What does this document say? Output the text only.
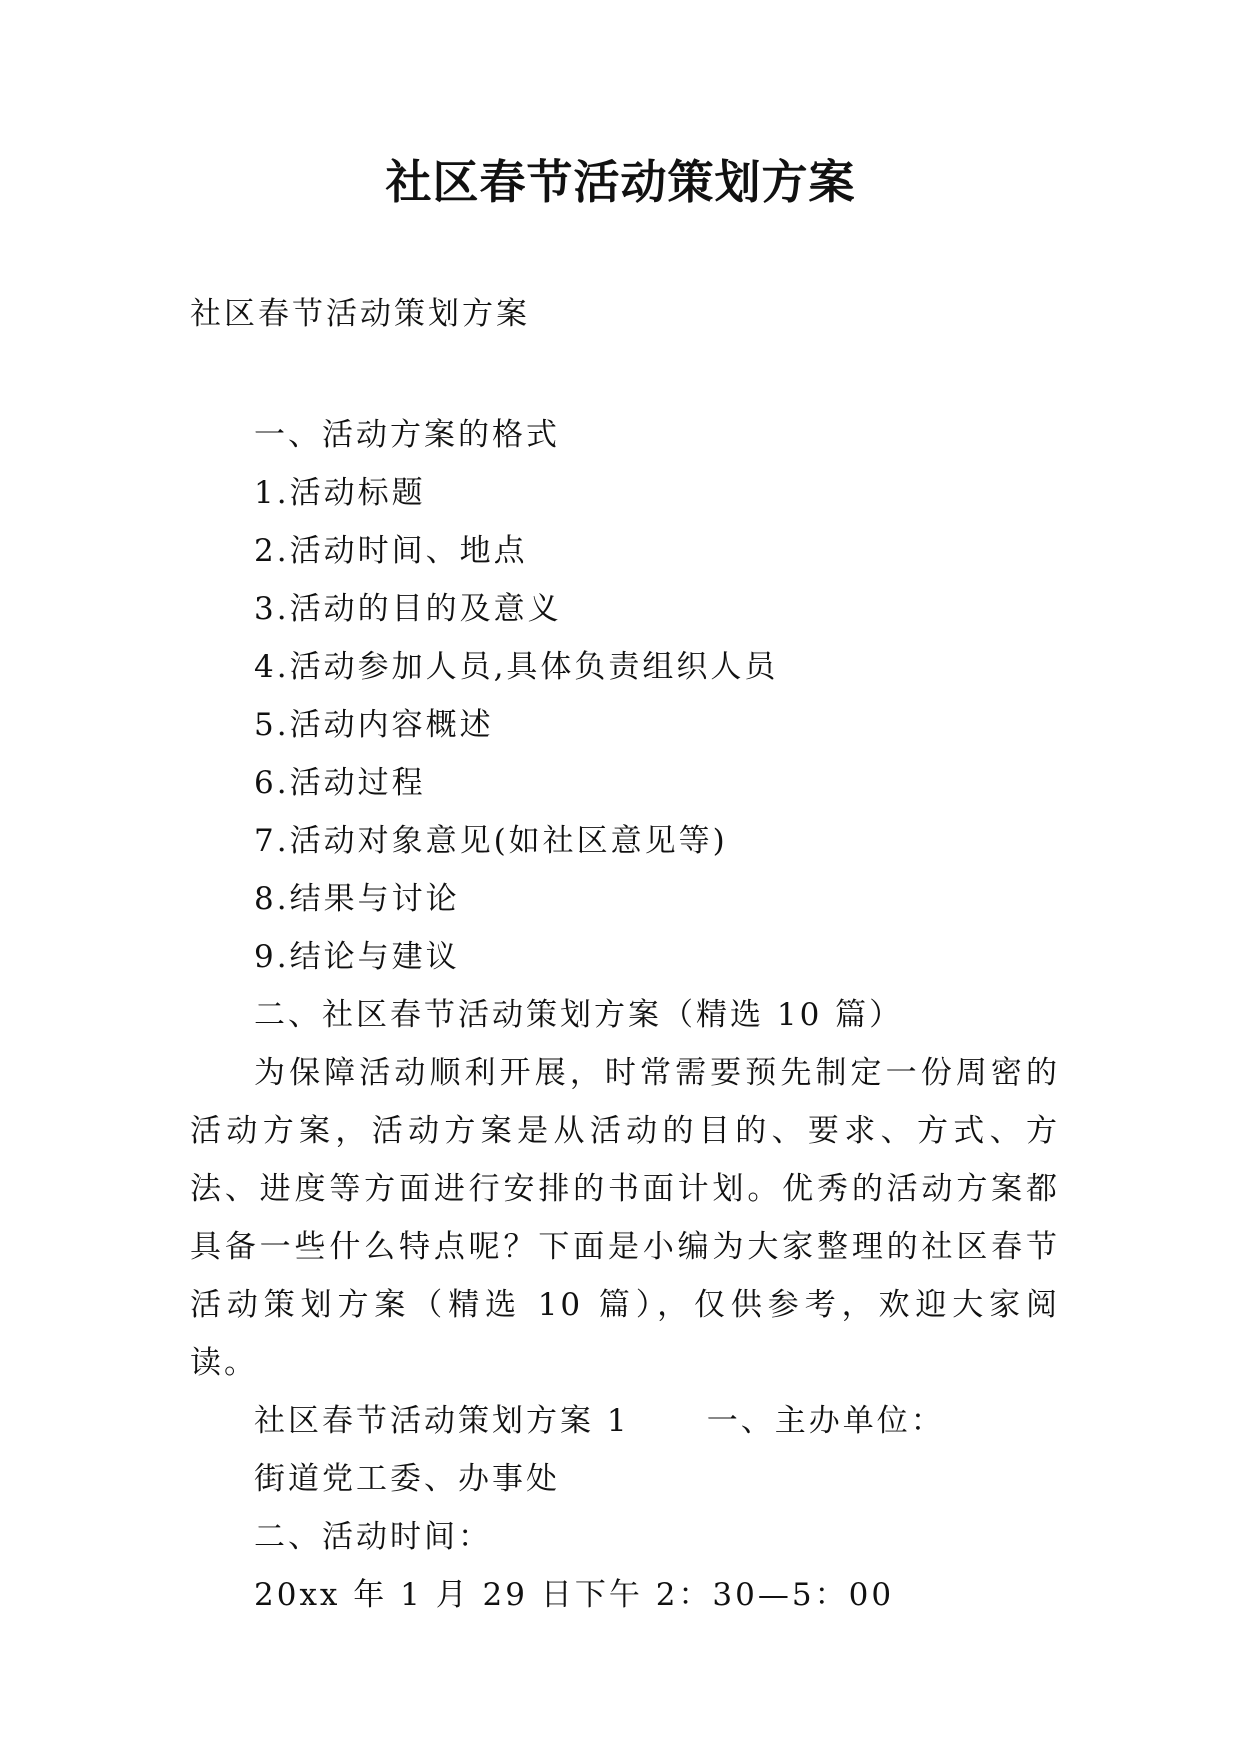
社区春节活动策划方案

社区春节活动策划方案

一、活动方案的格式

1.活动标题

2.活动时间、地点

3.活动的目的及意义

4.活动参加人员,具体负责组织人员

5.活动内容概述

6.活动过程

7.活动对象意见(如社区意见等)

8.结果与讨论

9.结论与建议

二、社区春节活动策划方案（精选 10 篇）

为保障活动顺利开展，时常需要预先制定一份周密的活动方案，活动方案是从活动的目的、要求、方式、方法、进度等方面进行安排的书面计划。优秀的活动方案都具备一些什么特点呢？下面是小编为大家整理的社区春节活动策划方案（精选 10 篇），仅供参考，欢迎大家阅读。

社区春节活动策划方案 1 一、主办单位：

街道党工委、办事处

二、活动时间：

20xx 年 1 月 29 日下午 2：30—5：00
